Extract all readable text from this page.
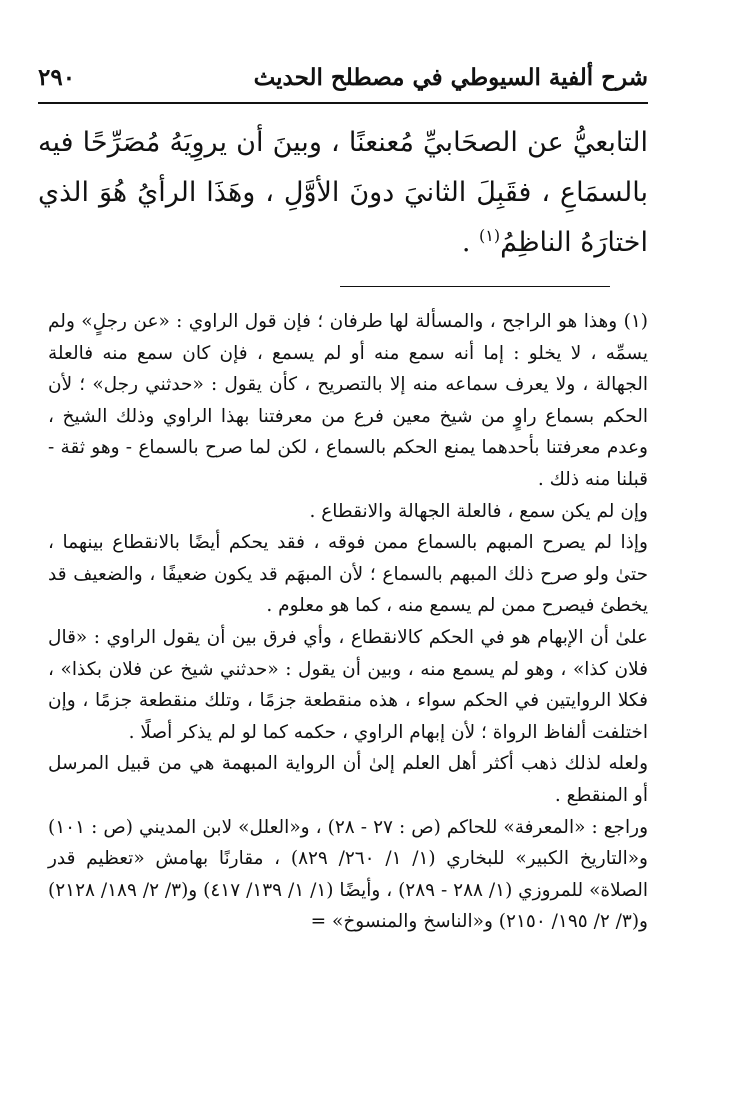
شرح ألفية السيوطي في مصطلح الحديث
٢٩٠

التابعيُّ عن الصحَابيِّ مُعنعنًا ، وبينَ أن يروِيَهُ مُصَرِّحًا فيه بالسمَاعِ ، فقَبِلَ الثانيَ دونَ الأوَّلِ ، وهَذَا الرأيُ هُوَ الذي اختارَهُ الناظِمُ$^{(١)}$ .

(١) وهذا هو الراجح ، والمسألة لها طرفان ؛ فإن قول الراوي : «عن رجلٍ» ولم يسمِّه ، لا يخلو : إما أنه سمع منه أو لم يسمع ، فإن كان سمع منه فالعلة الجهالة ، ولا يعرف سماعه منه إلا بالتصريح ، كأن يقول : «حدثني رجل» ؛ لأن الحكم بسماع راوٍ من شيخ معين فرع من معرفتنا بهذا الراوي وذلك الشيخ ، وعدم معرفتنا بأحدهما يمنع الحكم بالسماع ، لكن لما صرح بالسماع - وهو ثقة - قبلنا منه ذلك .

وإن لم يكن سمع ، فالعلة الجهالة والانقطاع .

وإذا لم يصرح المبهم بالسماع ممن فوقه ، فقد يحكم أيضًا بالانقطاع بينهما ، حتىٰ ولو صرح ذلك المبهم بالسماع ؛ لأن المبهَم قد يكون ضعيفًا ، والضعيف قد يخطئ فيصرح ممن لم يسمع منه ، كما هو معلوم .

علىٰ أن الإبهام هو في الحكم كالانقطاع ، وأي فرق بين أن يقول الراوي : «قال فلان كذا» ، وهو لم يسمع منه ، وبين أن يقول : «حدثني شيخ عن فلان بكذا» ، فكلا الروايتين في الحكم سواء ، هذه منقطعة جزمًا ، وتلك منقطعة جزمًا ، وإن اختلفت ألفاظ الرواة ؛ لأن إبهام الراوي ، حكمه كما لو لم يذكر أصلًا .

ولعله لذلك ذهب أكثر أهل العلم إلىٰ أن الرواية المبهمة هي من قبيل المرسل أو المنقطع .

وراجع : «المعرفة» للحاكم (ص : ٢٧ - ٢٨) ، و«العلل» لابن المديني (ص : ١٠١) و«التاريخ الكبير» للبخاري (١/ ١/ ٢٦٠/ ٨٢٩) ، مقارنًا بهامش «تعظيم قدر الصلاة» للمروزي (١/ ٢٨٨ - ٢٨٩) ، وأيضًا (١/ ١/ ١٣٩/ ٤١٧) و(٣/ ٢/ ١٨٩/ ٢١٢٨) و(٣/ ٢/ ١٩٥/ ٢١٥٠) و«الناسخ والمنسوخ» =
